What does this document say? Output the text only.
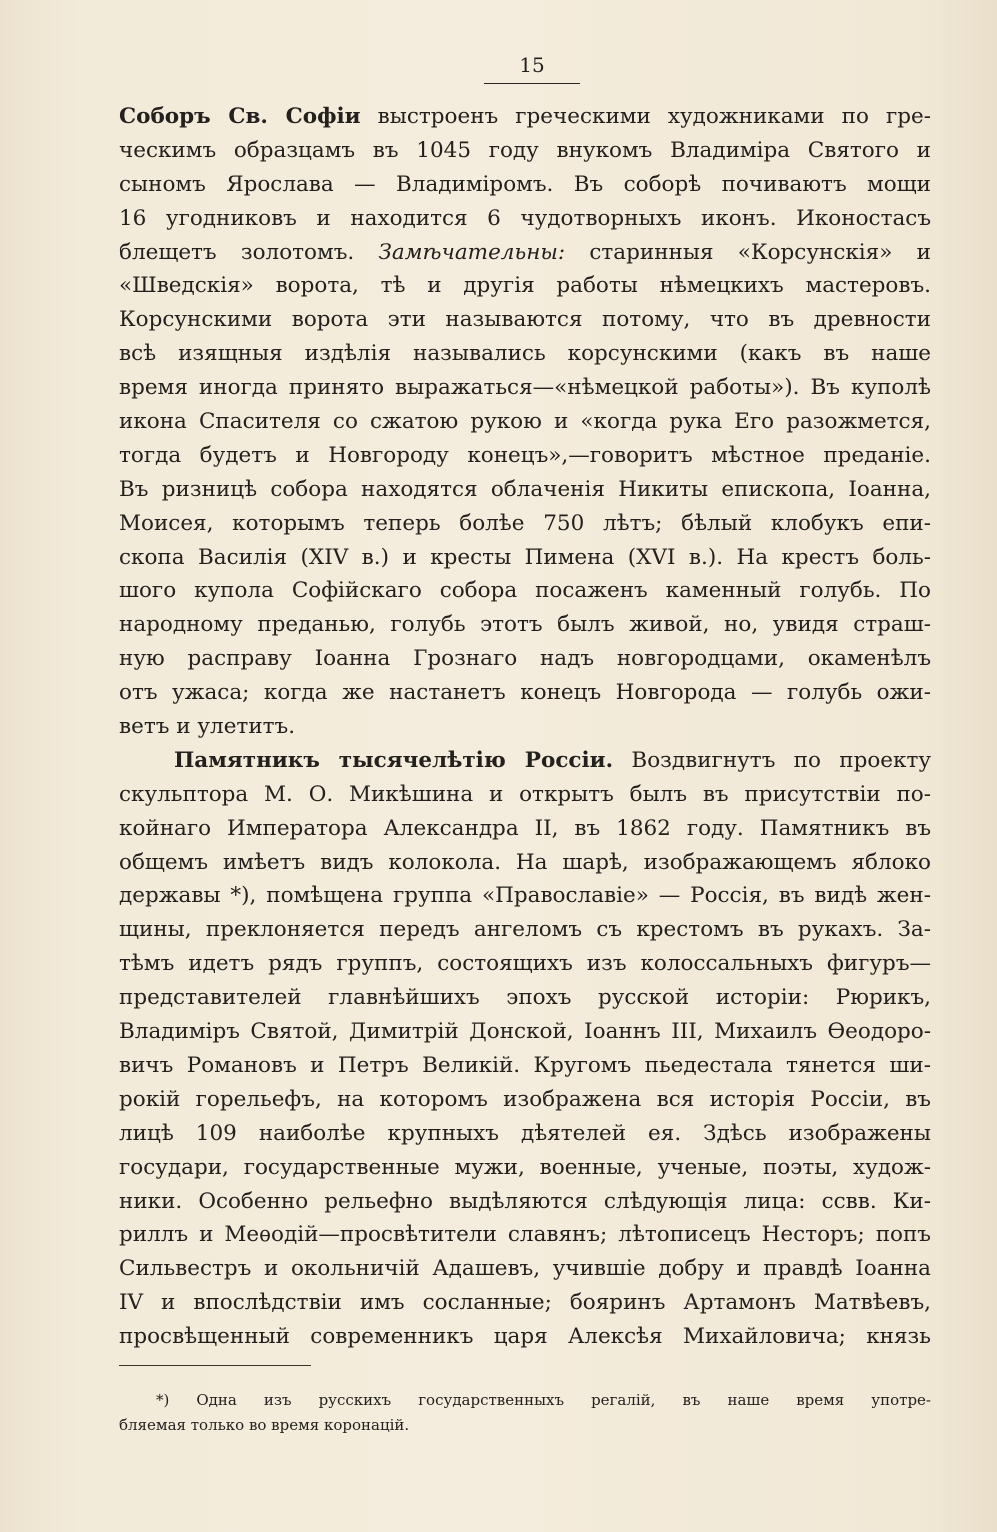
15
Соборъ Св. Софіи выстроенъ греческими художниками по гре-
ческимъ образцамъ въ 1045 году внукомъ Владиміра Святого и
сыномъ Ярослава — Владиміромъ. Въ соборѣ почиваютъ мощи
16 угодниковъ и находится 6 чудотворныхъ иконъ. Иконостасъ
блещетъ золотомъ. Замѣчательны: старинныя «Корсунскія» и
«Шведскія» ворота, тѣ и другія работы нѣмецкихъ мастеровъ.
Корсунскими ворота эти называются потому, что въ древности
всѣ изящныя издѣлія назывались корсунскими (какъ въ наше
время иногда принято выражаться—«нѣмецкой работы»). Въ куполѣ
икона Спасителя со сжатою рукою и «когда рука Его разожмется,
тогда будетъ и Новгороду конецъ»,—говоритъ мѣстное преданіе.
Въ ризницѣ собора находятся облаченія Никиты епископа, Іоанна,
Моисея, которымъ теперь болѣе 750 лѣтъ; бѣлый клобукъ епи-
скопа Василія (XIV в.) и кресты Пимена (XVI в.). На крестъ боль-
шого купола Софійскаго собора посаженъ каменный голубь. По
народному преданью, голубь этотъ былъ живой, но, увидя страш-
ную расправу Іоанна Грознаго надъ новгородцами, окаменѣлъ
отъ ужаса; когда же настанетъ конецъ Новгорода — голубь ожи-
ветъ и улетитъ.
Памятникъ тысячелѣтію Россіи. Воздвигнутъ по проекту
скульптора М. О. Микѣшина и открытъ былъ въ присутствіи по-
койнаго Императора Александра II, въ 1862 году. Памятникъ въ
общемъ имѣетъ видъ колокола. На шарѣ, изображающемъ яблоко
державы *), помѣщена группа «Православіе» — Россія, въ видѣ жен-
щины, преклоняется передъ ангеломъ съ крестомъ въ рукахъ. За-
тѣмъ идетъ рядъ группъ, состоящихъ изъ колоссальныхъ фигуръ—
представителей главнѣйшихъ эпохъ русской исторіи: Рюрикъ,
Владиміръ Святой, Димитрій Донской, Іоаннъ III, Михаилъ Ѳеодоро-
вичъ Романовъ и Петръ Великій. Кругомъ пьедестала тянется ши-
рокій горельефъ, на которомъ изображена вся исторія Россіи, въ
лицѣ 109 наиболѣе крупныхъ дѣятелей ея. Здѣсь изображены
государи, государственные мужи, военные, ученые, поэты, худож-
ники. Особенно рельефно выдѣляются слѣдующія лица: ссвв. Ки-
риллъ и Меѳодій—просвѣтители славянъ; лѣтописецъ Несторъ; попъ
Сильвестръ и окольничій Адашевъ, учившіе добру и правдѣ Іоанна
IV и впослѣдствіи имъ сосланные; бояринъ Артамонъ Матвѣевъ,
просвѣщенный современникъ царя Алексѣя Михайловича; князь
*) Одна изъ русскихъ государственныхъ регалій, въ наше время употре-
бляемая только во время коронацій.
